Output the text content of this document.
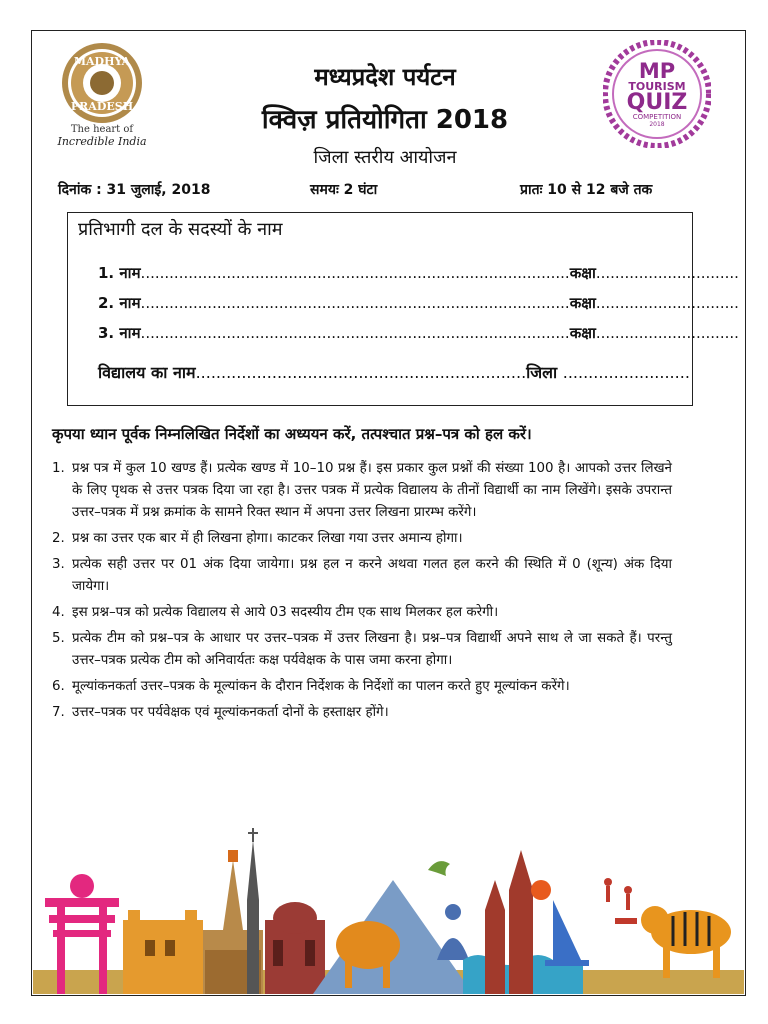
MADHYA
PRADESH
The heart of
Incredible India
MP
TOURISM
QUIZ
COMPETITION
2018
मध्यप्रदेश पर्यटन
क्विज़ प्रतियोगिता 2018
जिला स्तरीय आयोजन
दिनांक : 31 जुलाई, 2018	समयः 2 घंटा	प्रातः 10 से 12 बजे तक
प्रतिभागी दल के सदस्यों के नाम
1. नाम..........................................................................................कक्षा..............................
2. नाम..........................................................................................कक्षा..............................
3. नाम..........................................................................................कक्षा..............................
विद्यालय का नाम.................................................................जिला .........................
कृपया ध्यान पूर्वक निम्नलिखित निर्देशों का अध्ययन करें, तत्पश्चात प्रश्न–पत्र को हल करें।
1. प्रश्न पत्र में कुल 10 खण्ड हैं। प्रत्येक खण्ड में 10–10 प्रश्न हैं। इस प्रकार कुल प्रश्नों की संख्या 100 है। आपको उत्तर लिखने के लिए पृथक से उत्तर पत्रक दिया जा रहा है। उत्तर पत्रक में प्रत्येक विद्यालय के तीनों विद्यार्थी का नाम लिखेंगे। इसके उपरान्त उत्तर–पत्रक में प्रश्न क्रमांक के सामने रिक्त स्थान में अपना उत्तर लिखना प्रारम्भ करेंगे।
2. प्रश्न का उत्तर एक बार में ही लिखना होगा। काटकर लिखा गया उत्तर अमान्य होगा।
3. प्रत्येक सही उत्तर पर 01 अंक दिया जायेगा। प्रश्न हल न करने अथवा गलत हल करने की स्थिति में 0 (शून्य) अंक दिया जायेगा।
4. इस प्रश्न–पत्र को प्रत्येक विद्यालय से आये 03 सदस्यीय टीम एक साथ मिलकर हल करेगी।
5. प्रत्येक टीम को प्रश्न–पत्र के आधार पर उत्तर–पत्रक में उत्तर लिखना है। प्रश्न–पत्र विद्यार्थी अपने साथ ले जा सकते हैं। परन्तु उत्तर–पत्रक प्रत्येक टीम को अनिवार्यतः कक्ष पर्यवेक्षक के पास जमा करना होगा।
6. मूल्यांकनकर्ता उत्तर–पत्रक के मूल्यांकन के दौरान निर्देशक के निर्देशों का पालन करते हुए मूल्यांकन करेंगे।
7. उत्तर–पत्रक पर पर्यवेक्षक एवं मूल्यांकनकर्ता दोनों के हस्ताक्षर होंगे।
